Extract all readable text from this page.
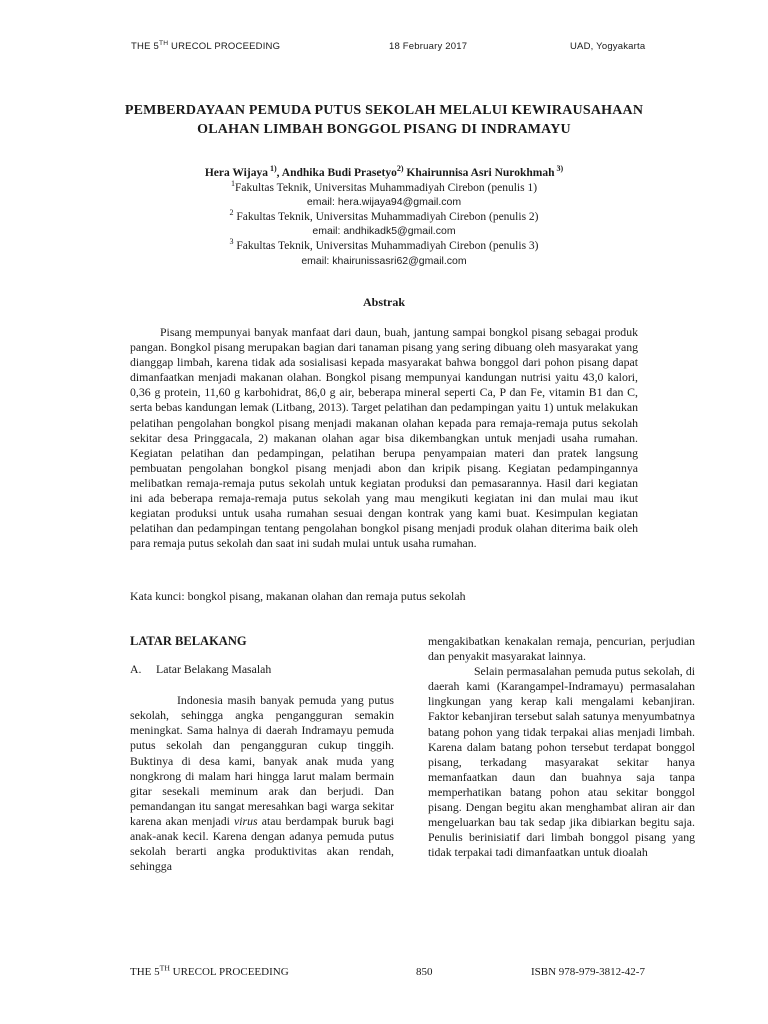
THE 5TH URECOL PROCEEDING	18 February 2017	UAD, Yogyakarta
PEMBERDAYAAN PEMUDA PUTUS SEKOLAH MELALUI KEWIRAUSAHAAN
OLAHAN LIMBAH BONGGOL PISANG DI INDRAMAYU
Hera Wijaya $^{1)}$, Andhika Budi Prasetyo$^{2)}$ Khairunnisa Asri Nurokhmah $^{3)}$
$^1$Fakultas Teknik, Universitas Muhammadiyah Cirebon (penulis 1)
email: hera.wijaya94@gmail.com
$^2$ Fakultas Teknik, Universitas Muhammadiyah Cirebon (penulis 2)
email: andhikadk5@gmail.com
$^3$ Fakultas Teknik, Universitas Muhammadiyah Cirebon (penulis 3)
email: khairunissasri62@gmail.com
Abstrak
Pisang mempunyai banyak manfaat dari daun, buah, jantung sampai bongkol pisang sebagai produk pangan. Bongkol pisang merupakan bagian dari tanaman pisang yang sering dibuang oleh masyarakat yang dianggap limbah, karena tidak ada sosialisasi kepada masyarakat bahwa bonggol dari pohon pisang dapat dimanfaatkan menjadi makanan olahan. Bongkol pisang mempunyai kandungan nutrisi yaitu 43,0 kalori, 0,36 g protein, 11,60 g karbohidrat, 86,0 g air, beberapa mineral seperti Ca, P dan Fe, vitamin B1 dan C, serta bebas kandungan lemak (Litbang, 2013). Target pelatihan dan pedampingan yaitu 1) untuk melakukan pelatihan pengolahan bongkol pisang menjadi makanan olahan kepada para remaja-remaja putus sekolah sekitar desa Pringgacala, 2) makanan olahan agar bisa dikembangkan untuk menjadi usaha rumahan. Kegiatan pelatihan dan pedampingan, pelatihan berupa penyampaian materi dan pratek langsung pembuatan pengolahan bongkol pisang menjadi abon dan kripik pisang. Kegiatan pedampingannya melibatkan remaja-remaja putus sekolah untuk kegiatan produksi dan pemasarannya. Hasil dari kegiatan ini ada beberapa remaja-remaja putus sekolah yang mau mengikuti kegiatan ini dan mulai mau ikut kegiatan produksi untuk usaha rumahan sesuai dengan kontrak yang kami buat. Kesimpulan kegiatan pelatihan dan pedampingan tentang pengolahan bongkol pisang menjadi produk olahan diterima baik oleh para remaja putus sekolah dan saat ini sudah mulai untuk usaha rumahan.
Kata kunci: bongkol pisang, makanan olahan dan remaja putus sekolah
LATAR BELAKANG
A. Latar Belakang Masalah

Indonesia masih banyak pemuda yang putus sekolah, sehingga angka pengangguran semakin meningkat. Sama halnya di daerah Indramayu pemuda putus sekolah dan pengangguran cukup tinggih. Buktinya di desa kami, banyak anak muda yang nongkrong di malam hari hingga larut malam bermain gitar sesekali meminum arak dan berjudi. Dan pemandangan itu sangat meresahkan bagi warga sekitar karena akan menjadi virus atau berdampak buruk bagi anak-anak kecil. Karena dengan adanya pemuda putus sekolah berarti angka produktivitas akan rendah, sehingga

mengakibatkan kenakalan remaja, pencurian, perjudian dan penyakit masyarakat lainnya.

Selain permasalahan pemuda putus sekolah, di daerah kami (Karangampel-Indramayu) permasalahan lingkungan yang kerap kali mengalami kebanjiran. Faktor kebanjiran tersebut salah satunya menyumbatnya batang pohon yang tidak terpakai alias menjadi limbah. Karena dalam batang pohon tersebut terdapat bonggol pisang, terkadang masyarakat sekitar hanya memanfaatkan daun dan buahnya saja tanpa memperhatikan batang pohon atau sekitar bonggol pisang. Dengan begitu akan menghambat aliran air dan mengeluarkan bau tak sedap jika dibiarkan begitu saja. Penulis berinisiatif dari limbah bonggol pisang yang tidak terpakai tadi dimanfaatkan untuk dioalah

THE 5TH URECOL PROCEEDING	850	ISBN 978-979-3812-42-7
